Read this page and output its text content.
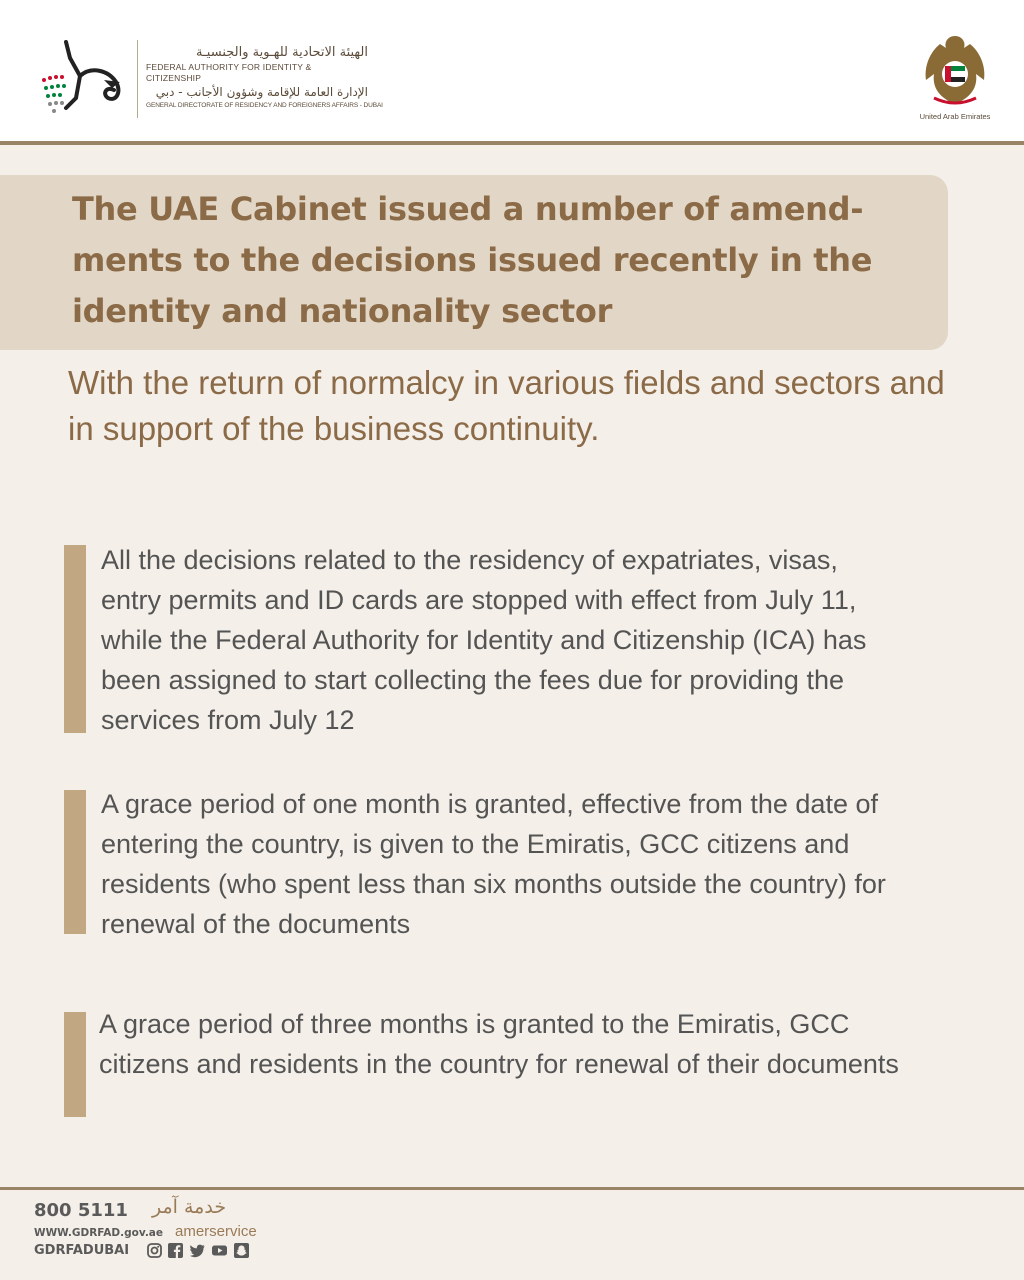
الهيئة الاتحادية للهـوية والجنسيـة
FEDERAL AUTHORITY FOR IDENTITY & CITIZENSHIP
الإدارة العامة للإقامة وشؤون الأجانب - دبي
GENERAL DIRECTORATE OF RESIDENCY AND FOREIGNERS AFFAIRS - DUBAI
United Arab Emirates
The UAE Cabinet issued a number of amend- ments to the decisions issued recently in the identity and nationality sector
With the return of normalcy in various fields and sectors and in support of the business continuity.
All the decisions related to the residency of expatriates, visas, entry permits and ID cards are stopped with effect from July 11, while the Federal Authority for Identity and Citizenship (ICA) has been assigned to start collecting the fees due for providing the services from July 12
A grace period of one month is granted, effective from the date of entering the country, is given to the Emiratis, GCC citizens and residents (who spent less than six months outside the country) for renewal of the documents
A grace period of three months is granted to the Emiratis, GCC citizens and residents in the country for renewal of their documents
800 5111 خدمة آمر
WWW.GDRFAD.gov.ae amerservice
GDRFADUBAI
